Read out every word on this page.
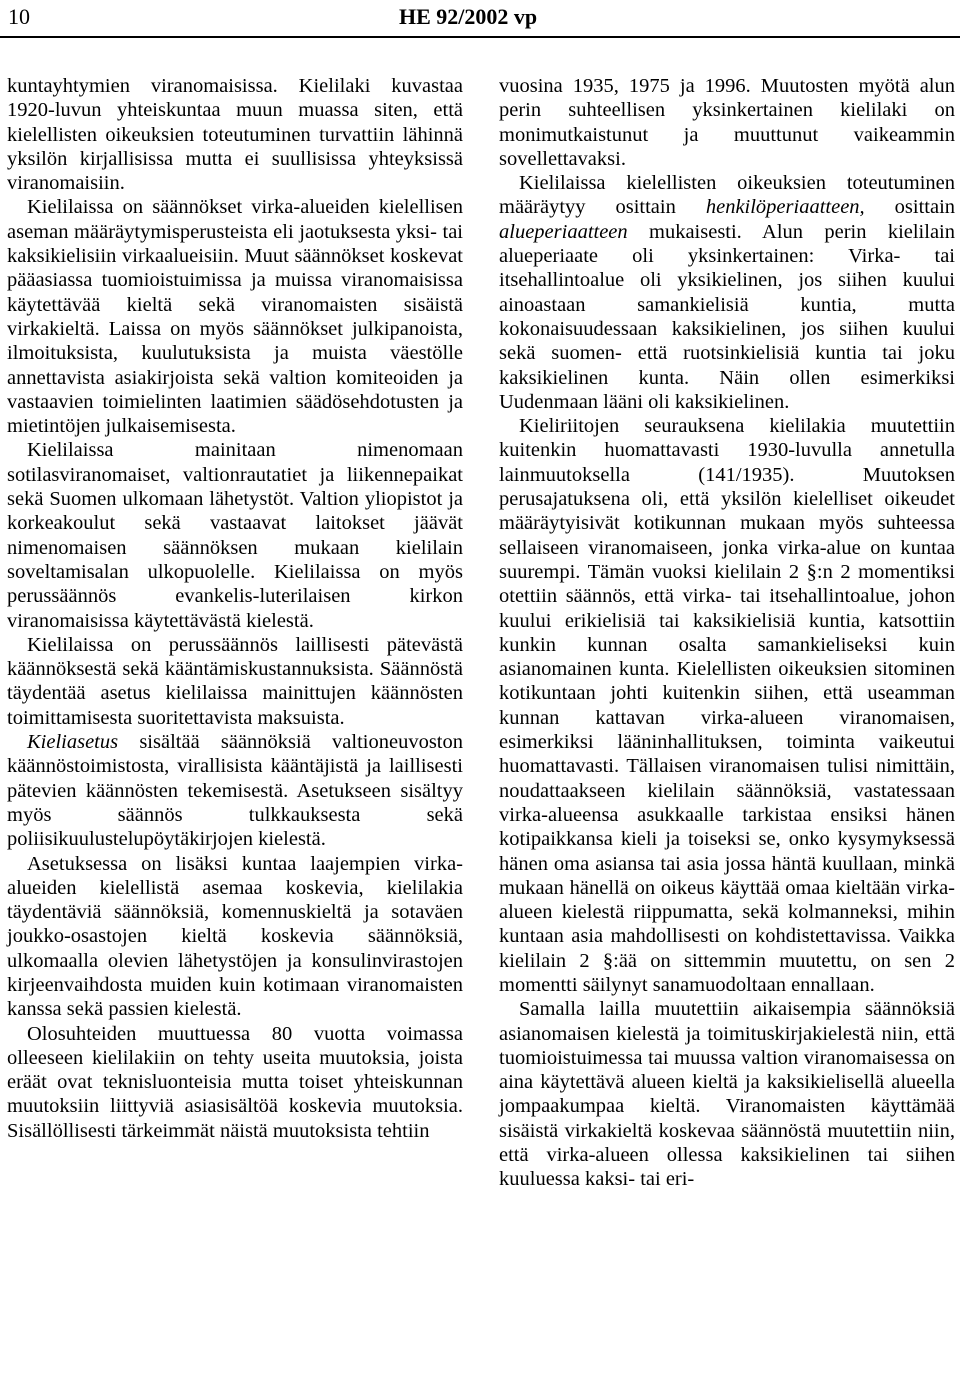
10	HE 92/2002 vp

kuntayhtymien viranomaisissa. Kielilaki kuvastaa 1920-luvun yhteiskuntaa muun muassa siten, että kielellisten oikeuksien toteutuminen turvattiin lähinnä yksilön kirjallisissa mutta ei suullisissa yhteyksissä viranomaisiin.

Kielilaissa on säännökset virka-alueiden kielellisen aseman määräytymisperusteista eli jaotuksesta yksi- tai kaksikielisiin virkaalueisiin. Muut säännökset koskevat pääasiassa tuomioistuimissa ja muissa viranomaisissa käytettävää kieltä sekä viranomaisten sisäistä virkakieltä. Laissa on myös säännökset julkipanoista, ilmoituksista, kuulutuksista ja muista väestölle annettavista asiakirjoista sekä valtion komiteoiden ja vastaavien toimielinten laatimien säädösehdotusten ja mietintöjen julkaisemisesta.

Kielilaissa mainitaan nimenomaan sotilasviranomaiset, valtionrautatiet ja liikennepaikat sekä Suomen ulkomaan lähetystöt. Valtion yliopistot ja korkeakoulut sekä vastaavat laitokset jäävät nimenomaisen säännöksen mukaan kielilain soveltamisalan ulkopuolelle. Kielilaissa on myös perussäännös evankelis-luterilaisen kirkon viranomaisissa käytettävästä kielestä.

Kielilaissa on perussäännös laillisesti pätevästä käännöksestä sekä kääntämiskustannuksista. Säännöstä täydentää asetus kielilaissa mainittujen käännösten toimittamisesta suoritettavista maksuista.

Kieliasetus sisältää säännöksiä valtioneuvoston käännöstoimistosta, virallisista kääntäjistä ja laillisesti pätevien käännösten tekemisestä. Asetukseen sisältyy myös säännös tulkkauksesta sekä poliisikuulustelupöytäkirjojen kielestä.

Asetuksessa on lisäksi kuntaa laajempien virka-alueiden kielellistä asemaa koskevia, kielilakia täydentäviä säännöksiä, komennuskieltä ja sotaväen joukko-osastojen kieltä koskevia säännöksiä, ulkomaalla olevien lähetystöjen ja konsulinvirastojen kirjeenvaihdosta muiden kuin kotimaan viranomaisten kanssa sekä passien kielestä.

Olosuhteiden muuttuessa 80 vuotta voimassa olleeseen kielilakiin on tehty useita muutoksia, joista eräät ovat teknisluonteisia mutta toiset yhteiskunnan muutoksiin liittyviä asiasisältöä koskevia muutoksia. Sisällöllisesti tärkeimmät näistä muutoksista tehtiin

vuosina 1935, 1975 ja 1996. Muutosten myötä alun perin suhteellisen yksinkertainen kielilaki on monimutkaistunut ja muuttunut vaikeammin sovellettavaksi.

Kielilaissa kielellisten oikeuksien toteutuminen määräytyy osittain henkilöperiaatteen, osittain alueperiaatteen mukaisesti. Alun perin kielilain alueperiaate oli yksinkertainen: Virka- tai itsehallintoalue oli yksikielinen, jos siihen kuului ainoastaan samankielisiä kuntia, mutta kokonaisuudessaan kaksikielinen, jos siihen kuului sekä suomen- että ruotsinkielisiä kuntia tai joku kaksikielinen kunta. Näin ollen esimerkiksi Uudenmaan lääni oli kaksikielinen.

Kieliriitojen seurauksena kielilakia muutettiin kuitenkin huomattavasti 1930-luvulla annetulla lainmuutoksella (141/1935). Muutoksen perusajatuksena oli, että yksilön kielelliset oikeudet määräytyisivät kotikunnan mukaan myös suhteessa sellaiseen viranomaiseen, jonka virka-alue on kuntaa suurempi. Tämän vuoksi kielilain 2 §:n 2 momentiksi otettiin säännös, että virka- tai itsehallintoalue, johon kuului erikielisiä tai kaksikielisiä kuntia, katsottiin kunkin kunnan osalta samankieliseksi kuin asianomainen kunta. Kielellisten oikeuksien sitominen kotikuntaan johti kuitenkin siihen, että useamman kunnan kattavan virka-alueen viranomaisen, esimerkiksi lääninhallituksen, toiminta vaikeutui huomattavasti. Tällaisen viranomaisen tulisi nimittäin, noudattaakseen kielilain säännöksiä, vastatessaan virka-alueensa asukkaalle tarkistaa ensiksi hänen kotipaikkansa kieli ja toiseksi se, onko kysymyksessä hänen oma asiansa tai asia jossa häntä kuullaan, minkä mukaan hänellä on oikeus käyttää omaa kieltään virka-alueen kielestä riippumatta, sekä kolmanneksi, mihin kuntaan asia mahdollisesti on kohdistettavissa. Vaikka kielilain 2 §:ää on sittemmin muutettu, on sen 2 momentti säilynyt sanamuodoltaan ennallaan.

Samalla lailla muutettiin aikaisempia säännöksiä asianomaisen kielestä ja toimituskirjakielestä niin, että tuomioistuimessa tai muussa valtion viranomaisessa on aina käytettävä alueen kieltä ja kaksikielisellä alueella jompaakumpaa kieltä. Viranomaisten käyttämää sisäistä virkakieltä koskevaa säännöstä muutettiin niin, että virka-alueen ollessa kaksikielinen tai siihen kuuluessa kaksi- tai eri-
